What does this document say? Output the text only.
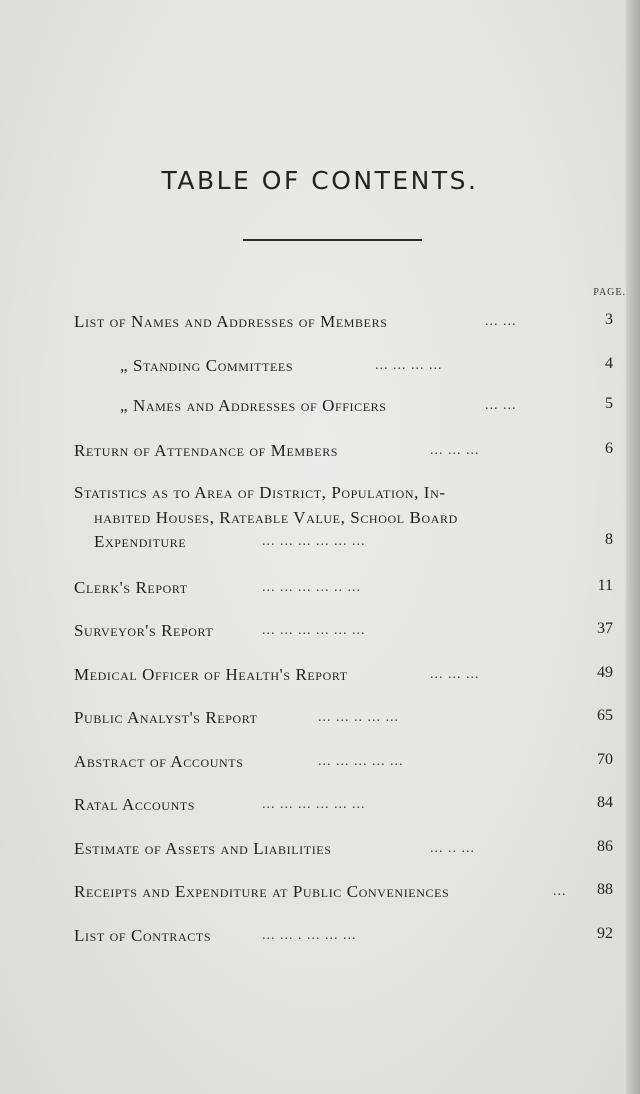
TABLE OF CONTENTS.
PAGE.
List of Names and Addresses of Members	... ...	3
„ Standing Committees	... ... ... ...	4
„ Names and Addresses of Officers	... ...	5
Return of Attendance of Members	... ... ...	6
Statistics as to Area of District, Population, In-
habited Houses, Rateable Value, School Board
Expenditure	... ... ... ... ... ...	8
Clerk's Report	... ... ... ... .. ...	11
Surveyor's Report	... ... ... ... ... ...	37
Medical Officer of Health's Report	... ... ...	49
Public Analyst's Report	... ... .. ... ...	65
Abstract of Accounts	... ... ... ... ...	70
Ratal Accounts	... ... ... ... ... ...	84
Estimate of Assets and Liabilities	... .. ...	86
Receipts and Expenditure at Public Conveniences	...	88
List of Contracts	... ... . ... ... ...	92
